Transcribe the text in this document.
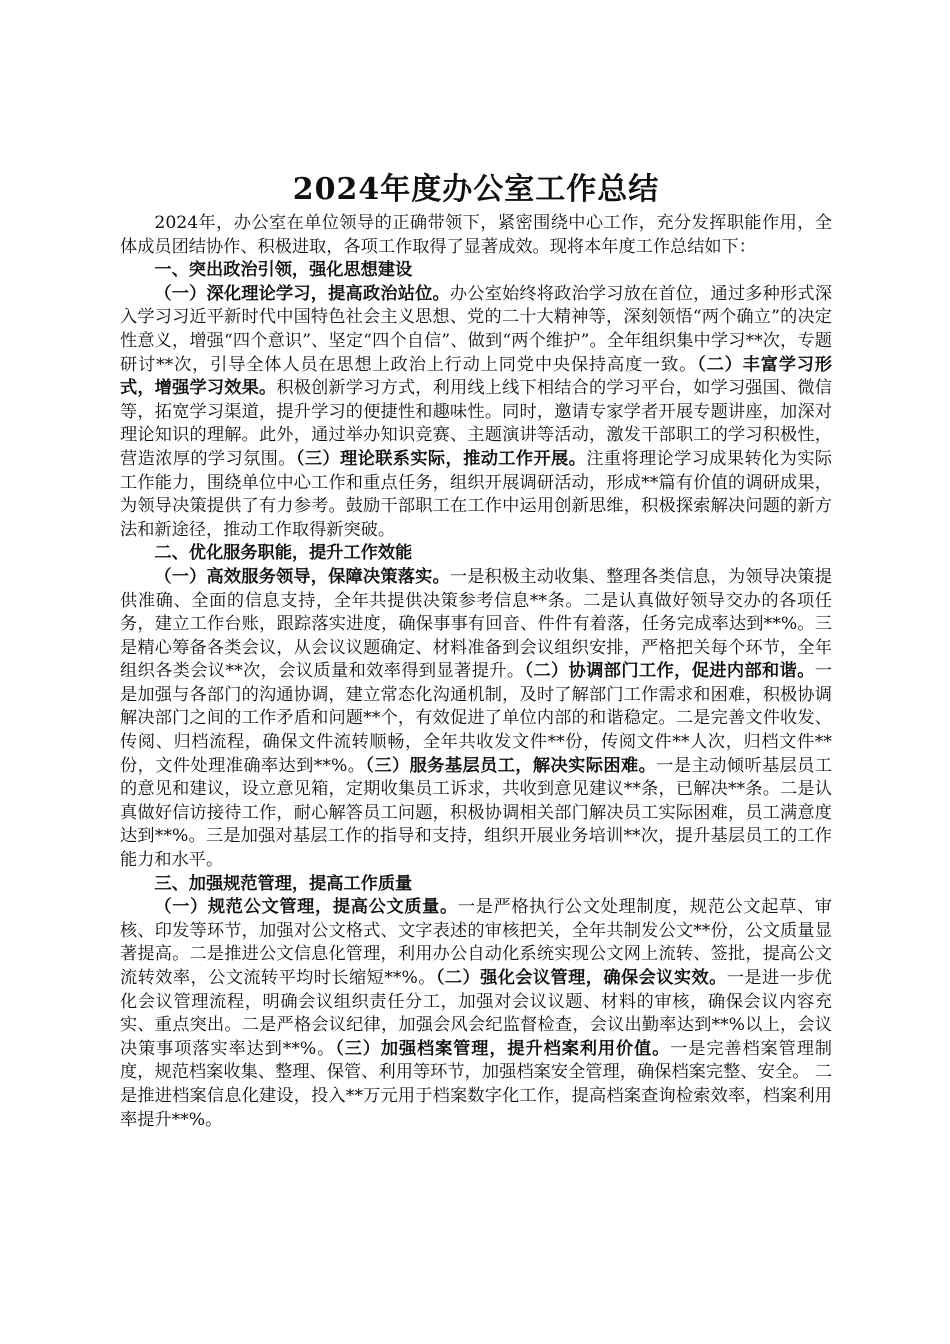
2024年度办公室工作总结

2024年，办公室在单位领导的正确带领下，紧密围绕中心工作，充分发挥职能作用，全体成员团结协作、积极进取，各项工作取得了显著成效。现将本年度工作总结如下：

一、突出政治引领，强化思想建设

（一）深化理论学习，提高政治站位。办公室始终将政治学习放在首位，通过多种形式深入学习习近平新时代中国特色社会主义思想、党的二十大精神等，深刻领悟“两个确立”的决定性意义，增强“四个意识”、坚定“四个自信”、做到“两个维护”。全年组织集中学习**次，专题研讨**次，引导全体人员在思想上政治上行动上同党中央保持高度一致。（二）丰富学习形式，增强学习效果。积极创新学习方式，利用线上线下相结合的学习平台，如学习强国、微信等，拓宽学习渠道，提升学习的便捷性和趣味性。同时，邀请专家学者开展专题讲座，加深对理论知识的理解。此外，通过举办知识竞赛、主题演讲等活动，激发干部职工的学习积极性，营造浓厚的学习氛围。（三）理论联系实际，推动工作开展。注重将理论学习成果转化为实际工作能力，围绕单位中心工作和重点任务，组织开展调研活动，形成**篇有价值的调研成果，为领导决策提供了有力参考。鼓励干部职工在工作中运用创新思维，积极探索解决问题的新方法和新途径，推动工作取得新突破。

二、优化服务职能，提升工作效能

（一）高效服务领导，保障决策落实。一是积极主动收集、整理各类信息，为领导决策提供准确、全面的信息支持，全年共提供决策参考信息**条。二是认真做好领导交办的各项任务，建立工作台账，跟踪落实进度，确保事事有回音、件件有着落，任务完成率达到**%。三是精心筹备各类会议，从会议议题确定、材料准备到会议组织安排，严格把关每个环节，全年组织各类会议**次，会议质量和效率得到显著提升。（二）协调部门工作，促进内部和谐。一是加强与各部门的沟通协调，建立常态化沟通机制，及时了解部门工作需求和困难，积极协调解决部门之间的工作矛盾和问题**个，有效促进了单位内部的和谐稳定。二是完善文件收发、传阅、归档流程，确保文件流转顺畅，全年共收发文件**份，传阅文件**人次，归档文件**份，文件处理准确率达到**%。（三）服务基层员工，解决实际困难。一是主动倾听基层员工的意见和建议，设立意见箱，定期收集员工诉求，共收到意见建议**条，已解决**条。二是认真做好信访接待工作，耐心解答员工问题，积极协调相关部门解决员工实际困难，员工满意度达到**%。三是加强对基层工作的指导和支持，组织开展业务培训**次，提升基层员工的工作能力和水平。

三、加强规范管理，提高工作质量

（一）规范公文管理，提高公文质量。一是严格执行公文处理制度，规范公文起草、审核、印发等环节，加强对公文格式、文字表述的审核把关，全年共制发公文**份，公文质量显著提高。二是推进公文信息化管理，利用办公自动化系统实现公文网上流转、签批，提高公文流转效率，公文流转平均时长缩短**%。（二）强化会议管理，确保会议实效。一是进一步优化会议管理流程，明确会议组织责任分工，加强对会议议题、材料的审核，确保会议内容充实、重点突出。二是严格会议纪律，加强会风会纪监督检查，会议出勤率达到**%以上，会议决策事项落实率达到**%。（三）加强档案管理，提升档案利用价值。一是完善档案管理制度，规范档案收集、整理、保管、利用等环节，加强档案安全管理，确保档案完整、安全。 二是推进档案信息化建设，投入**万元用于档案数字化工作，提高档案查询检索效率，档案利用率提升**%。
